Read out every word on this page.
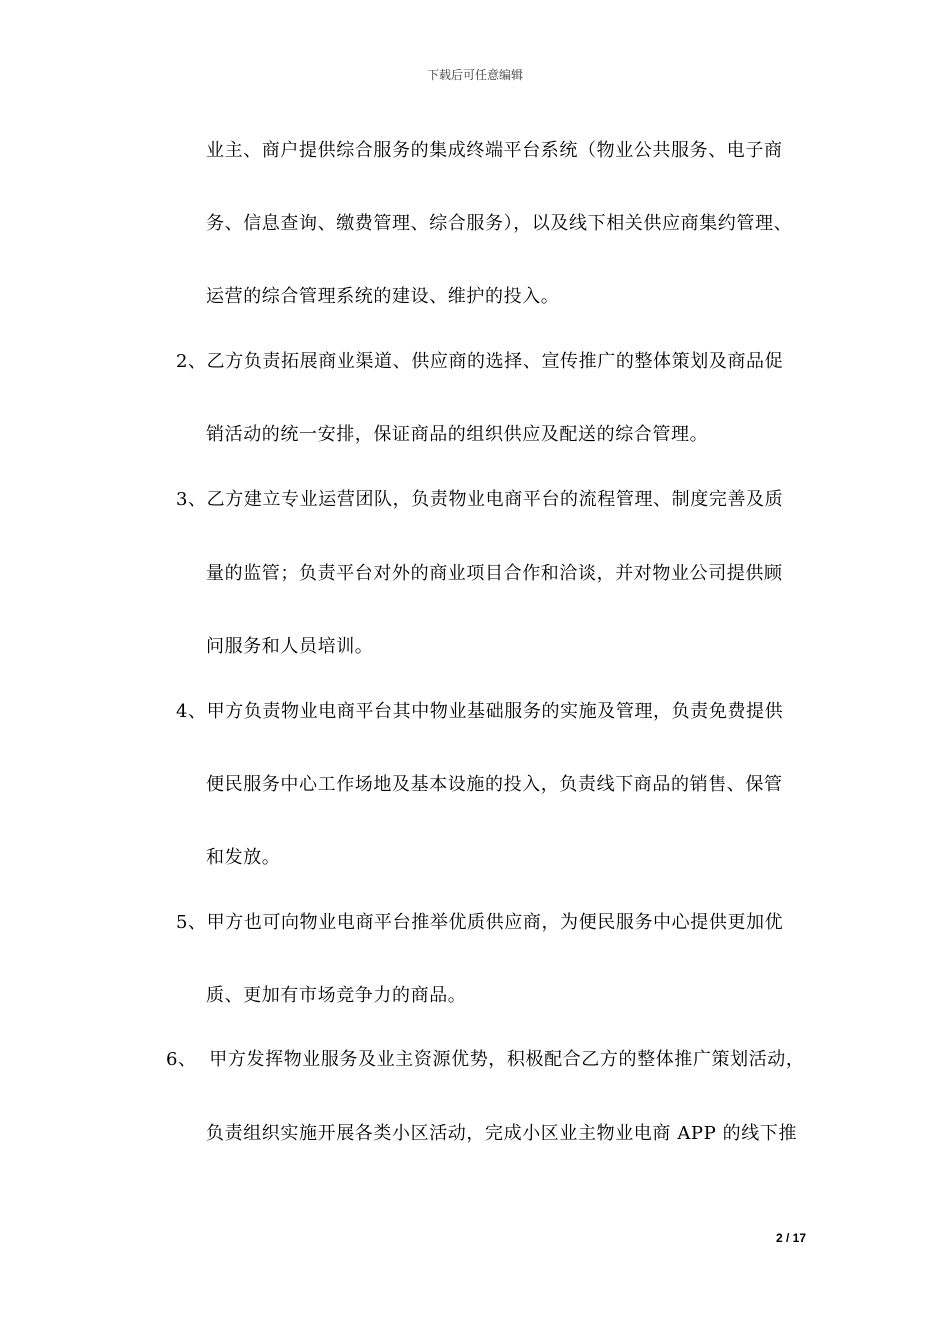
下载后可任意编辑
业主、商户提供综合服务的集成终端平台系统（物业公共服务、电子商
务、信息查询、缴费管理、综合服务），以及线下相关供应商集约管理、
运营的综合管理系统的建设、维护的投入。
2、乙方负责拓展商业渠道、供应商的选择、宣传推广的整体策划及商品促
销活动的统一安排，保证商品的组织供应及配送的综合管理。
3、乙方建立专业运营团队，负责物业电商平台的流程管理、制度完善及质
量的监管；负责平台对外的商业项目合作和洽谈，并对物业公司提供顾
问服务和人员培训。
4、甲方负责物业电商平台其中物业基础服务的实施及管理，负责免费提供
便民服务中心工作场地及基本设施的投入，负责线下商品的销售、保管
和发放。
5、甲方也可向物业电商平台推举优质供应商，为便民服务中心提供更加优
质、更加有市场竞争力的商品。
6、  甲方发挥物业服务及业主资源优势，积极配合乙方的整体推广策划活动，
负责组织实施开展各类小区活动，完成小区业主物业电商 APP 的线下推
2 / 17
